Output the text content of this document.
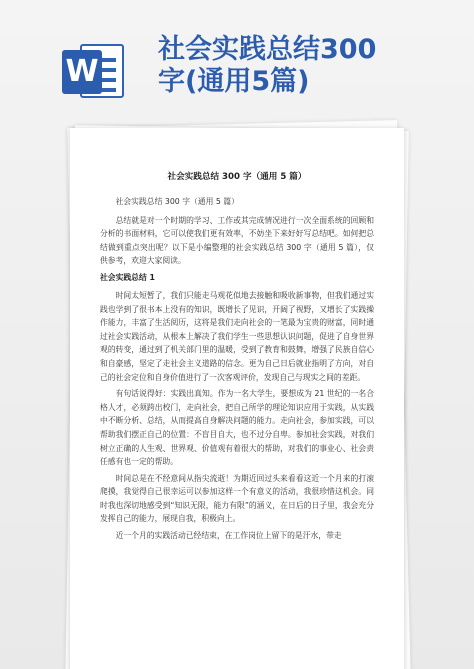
W
社会实践总结300字(通用5篇)
社会实践总结 300 字（通用 5 篇）
社会实践总结 300 字（通用 5 篇）
总结就是对一个时期的学习、工作或其完成情况进行一次全面系统的回顾和分析的书面材料，它可以使我们更有效率，不妨坐下来好好写总结吧。如何把总结做到重点突出呢？以下是小编整理的社会实践总结 300 字（通用 5 篇），仅供参考，欢迎大家阅读。
社会实践总结 1
时间太短暂了，我们只能走马观花似地去接触和吸收新事物，但我们通过实践也学到了很书本上没有的知识，既增长了见识，开阔了视野，又增长了实践操作能力，丰富了生活阅历，这将是我们走向社会的一笔最为宝贵的财富，同时通过社会实践活动，从根本上解决了我们学生一些思想认识问题，促进了自身世界观的转变，通过到了机关部门里的温暖，受到了教育和鼓舞，增强了民族自信心和自豪感，坚定了走社会主义道路的信念。更为自己日后就业指明了方向，对自己的社会定位和自身价值进行了一次客观评价，发现自己与现实之间的差距。
有句话说得好：实践出真知。作为一名大学生，要想成为 21 世纪的一名合格人才，必须跨出校门，走向社会，把自己所学的理论知识应用于实践，从实践中不断分析、总结，从而提高自身解决问题的能力。走向社会，参加实践，可以帮助我们摆正自己的位置：不盲目自大，也不过分自卑。参加社会实践，对我们树立正确的人生观、世界观、价值观有着很大的帮助，对我们的事业心、社会责任感有也一定的帮助。
时间总是在不经意间从指尖流逝！为期近回过头来看看这近一个月来的打滚爬摸，我觉得自己很幸运可以参加这样一个有意义的活动，我很珍惜这机会。同时我也深切地感受到“知识无限，能力有限”的涵义，在日后的日子里，我会充分发挥自己的能力，展现自我，积极向上。
近一个月的实践活动已经结束，在工作岗位上留下的是汗水，带走
